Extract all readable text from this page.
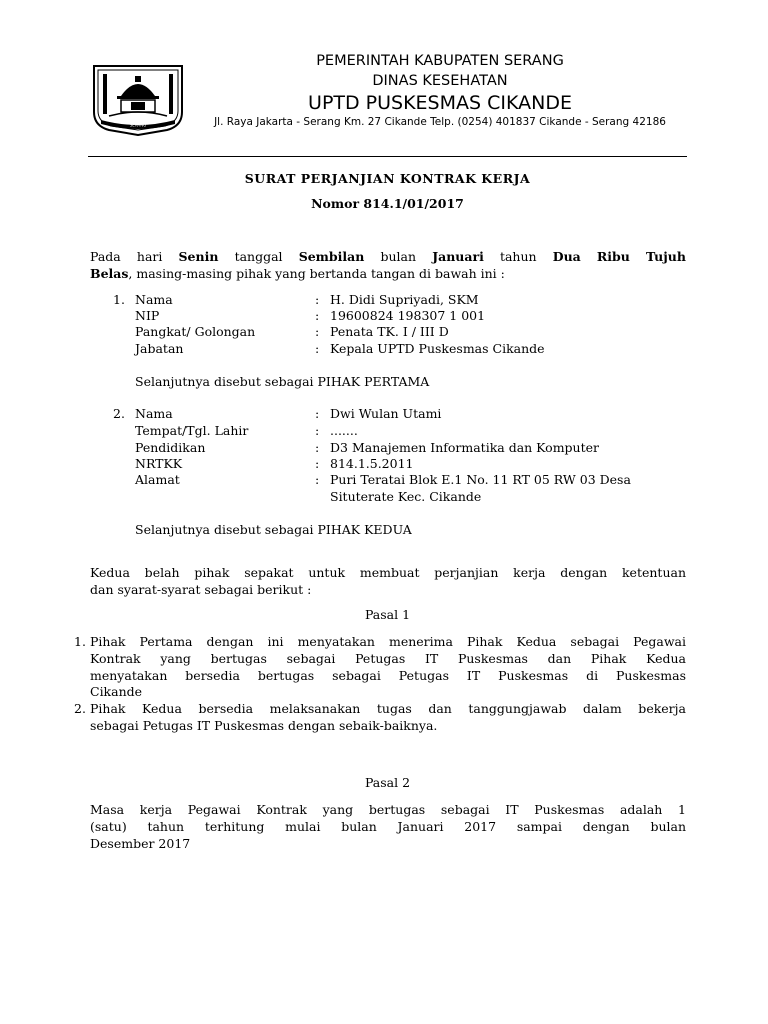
SERANG
PEMERINTAH KABUPATEN SERANG
DINAS KESEHATAN
UPTD PUSKESMAS CIKANDE
Jl. Raya Jakarta - Serang Km. 27 Cikande Telp. (0254) 401837 Cikande - Serang 42186
SURAT PERJANJIAN KONTRAK KERJA
Nomor 814.1/01/2017
Pada hari Senin tanggal Sembilan bulan Januari tahun Dua Ribu Tujuh
Belas, masing-masing pihak yang bertanda tangan di bawah ini :
1. Nama
NIP
Pangkat/ Golongan
Jabatan
:
:
:
:
H. Didi Supriyadi, SKM
19600824 198307 1 001
Penata TK. I / III D
Kepala UPTD Puskesmas Cikande
Selanjutnya disebut sebagai PIHAK PERTAMA
2. Nama
Tempat/Tgl. Lahir
Pendidikan
NRTKK
Alamat
:
:
:
:
:
Dwi Wulan Utami
.......
D3 Manajemen Informatika dan Komputer
814.1.5.2011
Puri Teratai Blok E.1 No. 11 RT 05 RW 03 Desa
Situterate Kec. Cikande
Selanjutnya disebut sebagai PIHAK KEDUA
Kedua belah pihak sepakat untuk membuat perjanjian kerja dengan ketentuan
dan syarat-syarat sebagai berikut :
Pasal 1
1. Pihak Pertama dengan ini menyatakan menerima Pihak Kedua sebagai Pegawai
Kontrak yang bertugas sebagai Petugas IT Puskesmas dan Pihak Kedua
menyatakan bersedia bertugas sebagai Petugas IT Puskesmas di Puskesmas
Cikande
2. Pihak Kedua bersedia melaksanakan tugas dan tanggungjawab dalam bekerja
sebagai Petugas IT Puskesmas dengan sebaik-baiknya.
Pasal 2
Masa kerja Pegawai Kontrak yang bertugas sebagai IT Puskesmas adalah 1
(satu) tahun terhitung mulai bulan Januari 2017 sampai dengan bulan
Desember 2017
